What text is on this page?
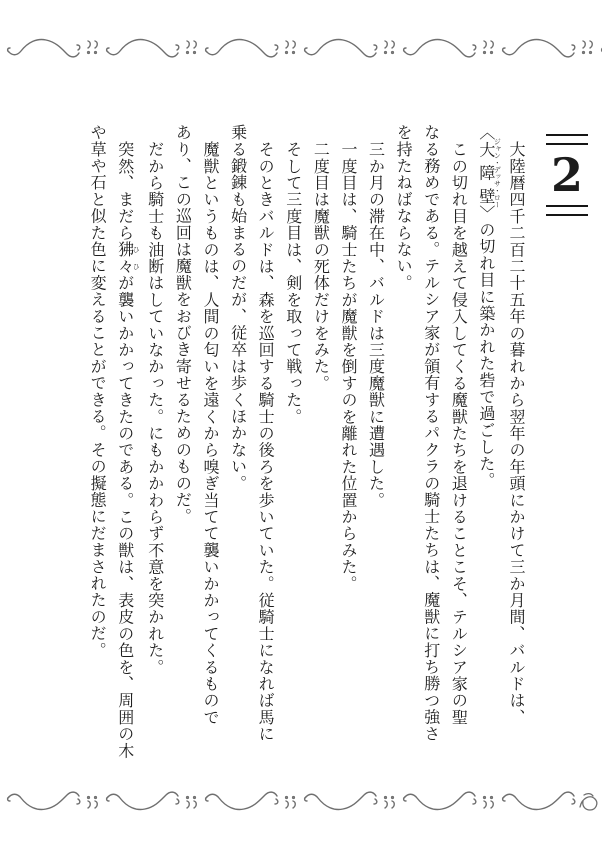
2

大陸暦四千二百二十五年の暮れから翌年の年頭にかけて三か月間、バルドは、

〈大障壁 ジャン・デッサ・ロー〉の切れ目に築かれた砦で過ごした。

この切れ目を越えて侵入してくる魔獣たちを退けることこそ、テルシア家の聖

なる務めである。テルシア家が領有するパクラの騎士たちは、魔獣に打ち勝つ強さ

を持たねばならない。

三か月の滞在中、バルドは三度魔獣に遭遇した。

一度目は、騎士たちが魔獣を倒すのを離れた位置からみた。

二度目は魔獣の死体だけをみた。

そして三度目は、剣を取って戦った。

そのときバルドは、森を巡回する騎士の後ろを歩いていた。従騎士になれば馬に

乗る鍛錬も始まるのだが、従卒は歩くほかない。

魔獣というものは、人間の匂いを遠くから嗅ぎ当てて襲いかかってくるもので

あり、この巡回は魔獣をおびき寄せるためのものだ。

だから騎士も油断はしていなかった。にもかかわらず不意を突かれた。

突然、まだら狒々 ひひが襲いかかってきたのである。この獣は、表皮の色を、周囲の木

や草や石と似た色に変えることができる。その擬態にだまされたのだ。
